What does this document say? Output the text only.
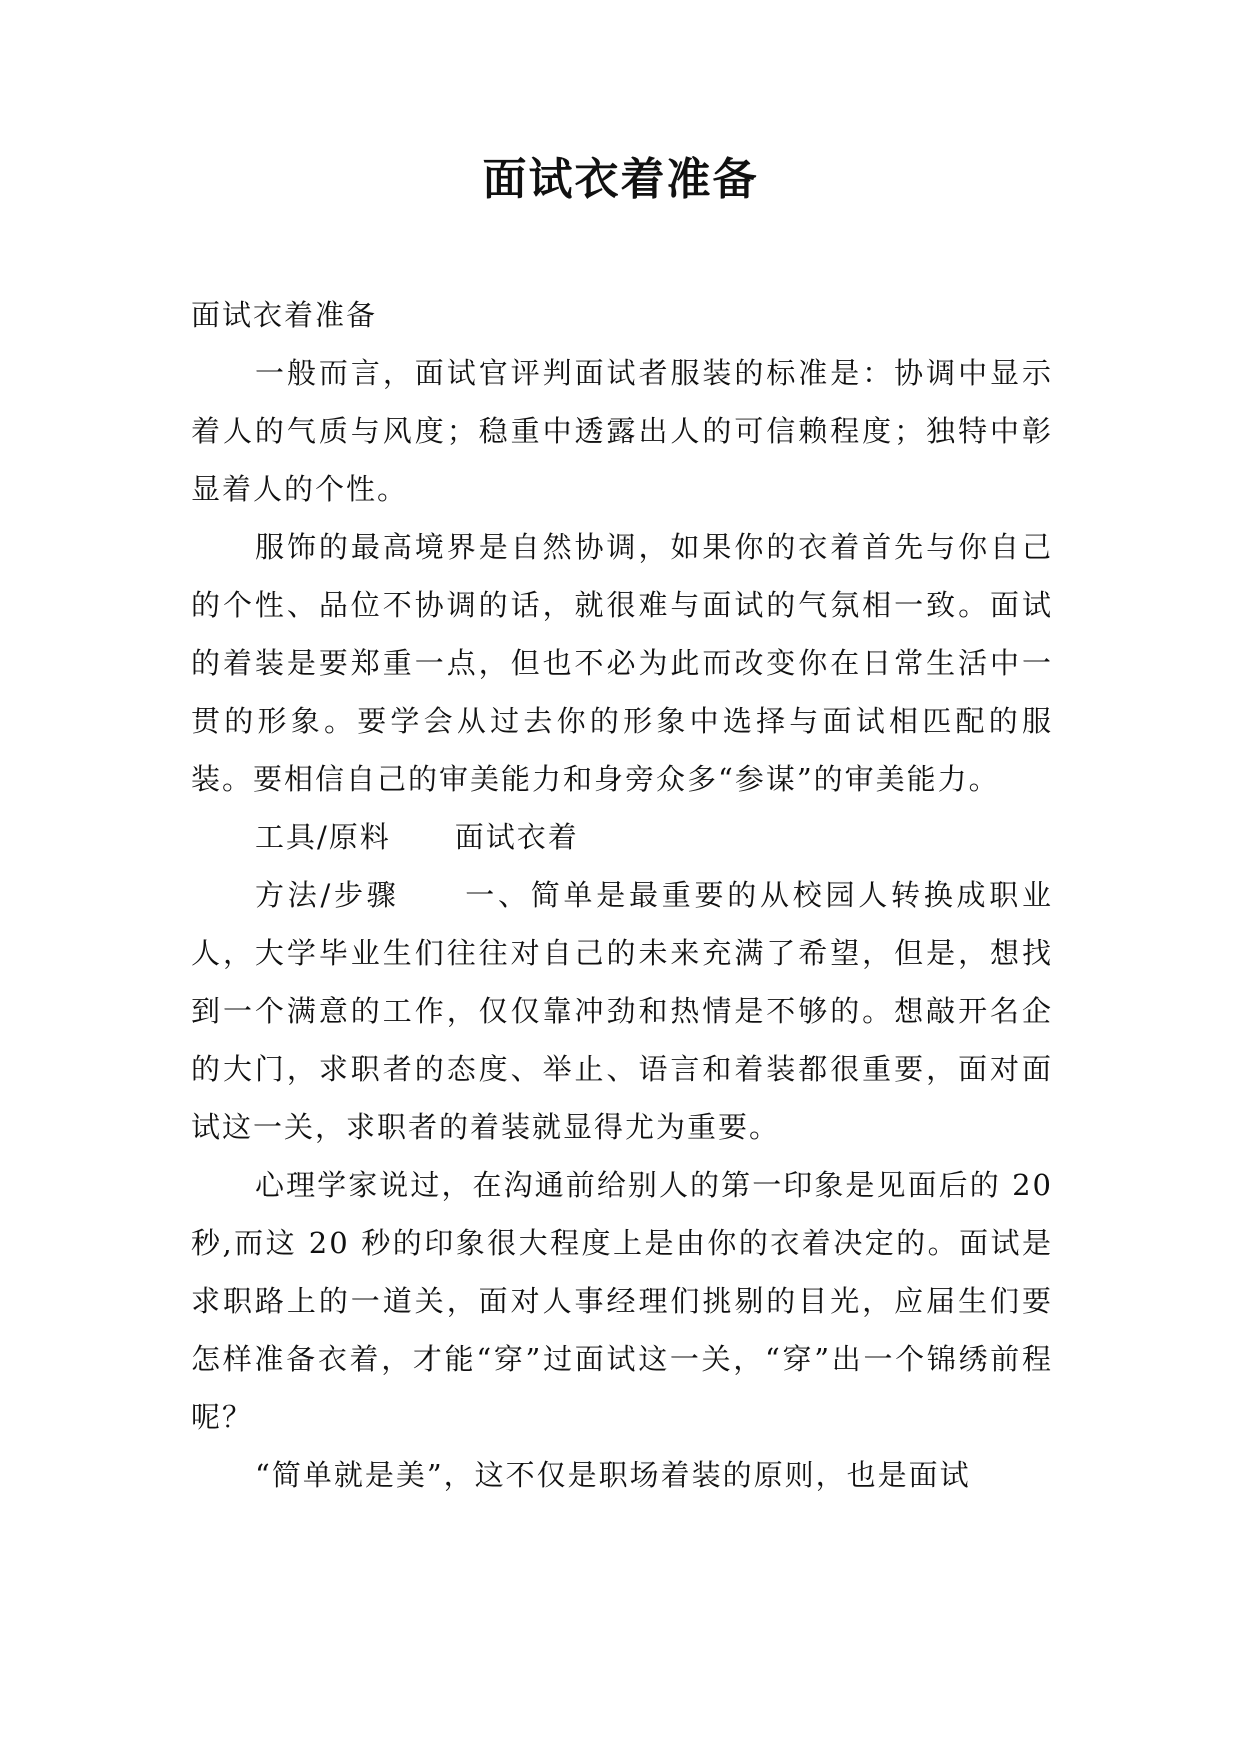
面试衣着准备

面试衣着准备

一般而言，面试官评判面试者服装的标准是：协调中显示着人的气质与风度；稳重中透露出人的可信赖程度；独特中彰显着人的个性。

服饰的最高境界是自然协调，如果你的衣着首先与你自己的个性、品位不协调的话，就很难与面试的气氛相一致。面试的着装是要郑重一点，但也不必为此而改变你在日常生活中一贯的形象。要学会从过去你的形象中选择与面试相匹配的服装。要相信自己的审美能力和身旁众多“参谋”的审美能力。

工具/原料 面试衣着

方法/步骤 一、简单是最重要的从校园人转换成职业人，大学毕业生们往往对自己的未来充满了希望，但是，想找到一个满意的工作，仅仅靠冲劲和热情是不够的。想敲开名企的大门，求职者的态度、举止、语言和着装都很重要，面对面试这一关，求职者的着装就显得尤为重要。

心理学家说过，在沟通前给别人的第一印象是见面后的 20 秒,而这 20 秒的印象很大程度上是由你的衣着决定的。面试是求职路上的一道关，面对人事经理们挑剔的目光，应届生们要怎样准备衣着，才能“穿”过面试这一关，“穿”出一个锦绣前程呢？

“简单就是美”，这不仅是职场着装的原则，也是面试
